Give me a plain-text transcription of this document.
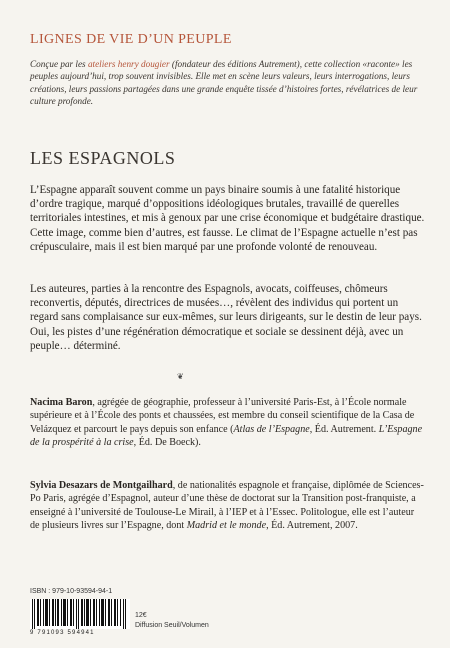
LIGNES DE VIE D’UN PEUPLE
Conçue par les ateliers henry dougier (fondateur des éditions Autrement), cette collection «raconte» les peuples aujourd’hui, trop souvent invisibles. Elle met en scène leurs valeurs, leurs interrogations, leurs créations, leurs passions partagées dans une grande enquête tissée d’histoires fortes, révélatrices de leur culture profonde.
LES ESPAGNOLS
L’Espagne apparaît souvent comme un pays binaire soumis à une fatalité historique d’ordre tragique, marqué d’oppositions idéologiques brutales, travaillé de querelles territoriales intestines, et mis à genoux par une crise économique et budgétaire drastique. Cette image, comme bien d’autres, est fausse. Le climat de l’Espagne actuelle n’est pas crépusculaire, mais il est bien marqué par une profonde volonté de renouveau.
Les auteures, parties à la rencontre des Espagnols, avocats, coiffeuses, chômeurs reconvertis, députés, directrices de musées…, révèlent des individus qui portent un regard sans complaisance sur eux-mêmes, sur leurs dirigeants, sur le destin de leur pays. Oui, les pistes d’une régénération démocratique et sociale se dessinent déjà, avec un peuple… déterminé.
❦
Nacima Baron, agrégée de géographie, professeur à l’université Paris-Est, à l’École normale supérieure et à l’École des ponts et chaussées, est membre du conseil scientifique de la Casa de Velázquez et parcourt le pays depuis son enfance (Atlas de l’Espagne, Éd. Autrement. L’Espagne de la prospérité à la crise, Éd. De Boeck).
Sylvia Desazars de Montgailhard, de nationalités espagnole et française, diplômée de Sciences-Po Paris, agrégée d’Espagnol, auteur d’une thèse de doctorat sur la Transition post-franquiste, a enseigné à l’université de Toulouse-Le Mirail, à l’IEP et à l’Essec. Politologue, elle est l’auteur de plusieurs livres sur l’Espagne, dont Madrid et le monde, Éd. Autrement, 2007.
ISBN : 979-10-93594-94-1
9 791093 594941
12€
Diffusion Seuil/Volumen
